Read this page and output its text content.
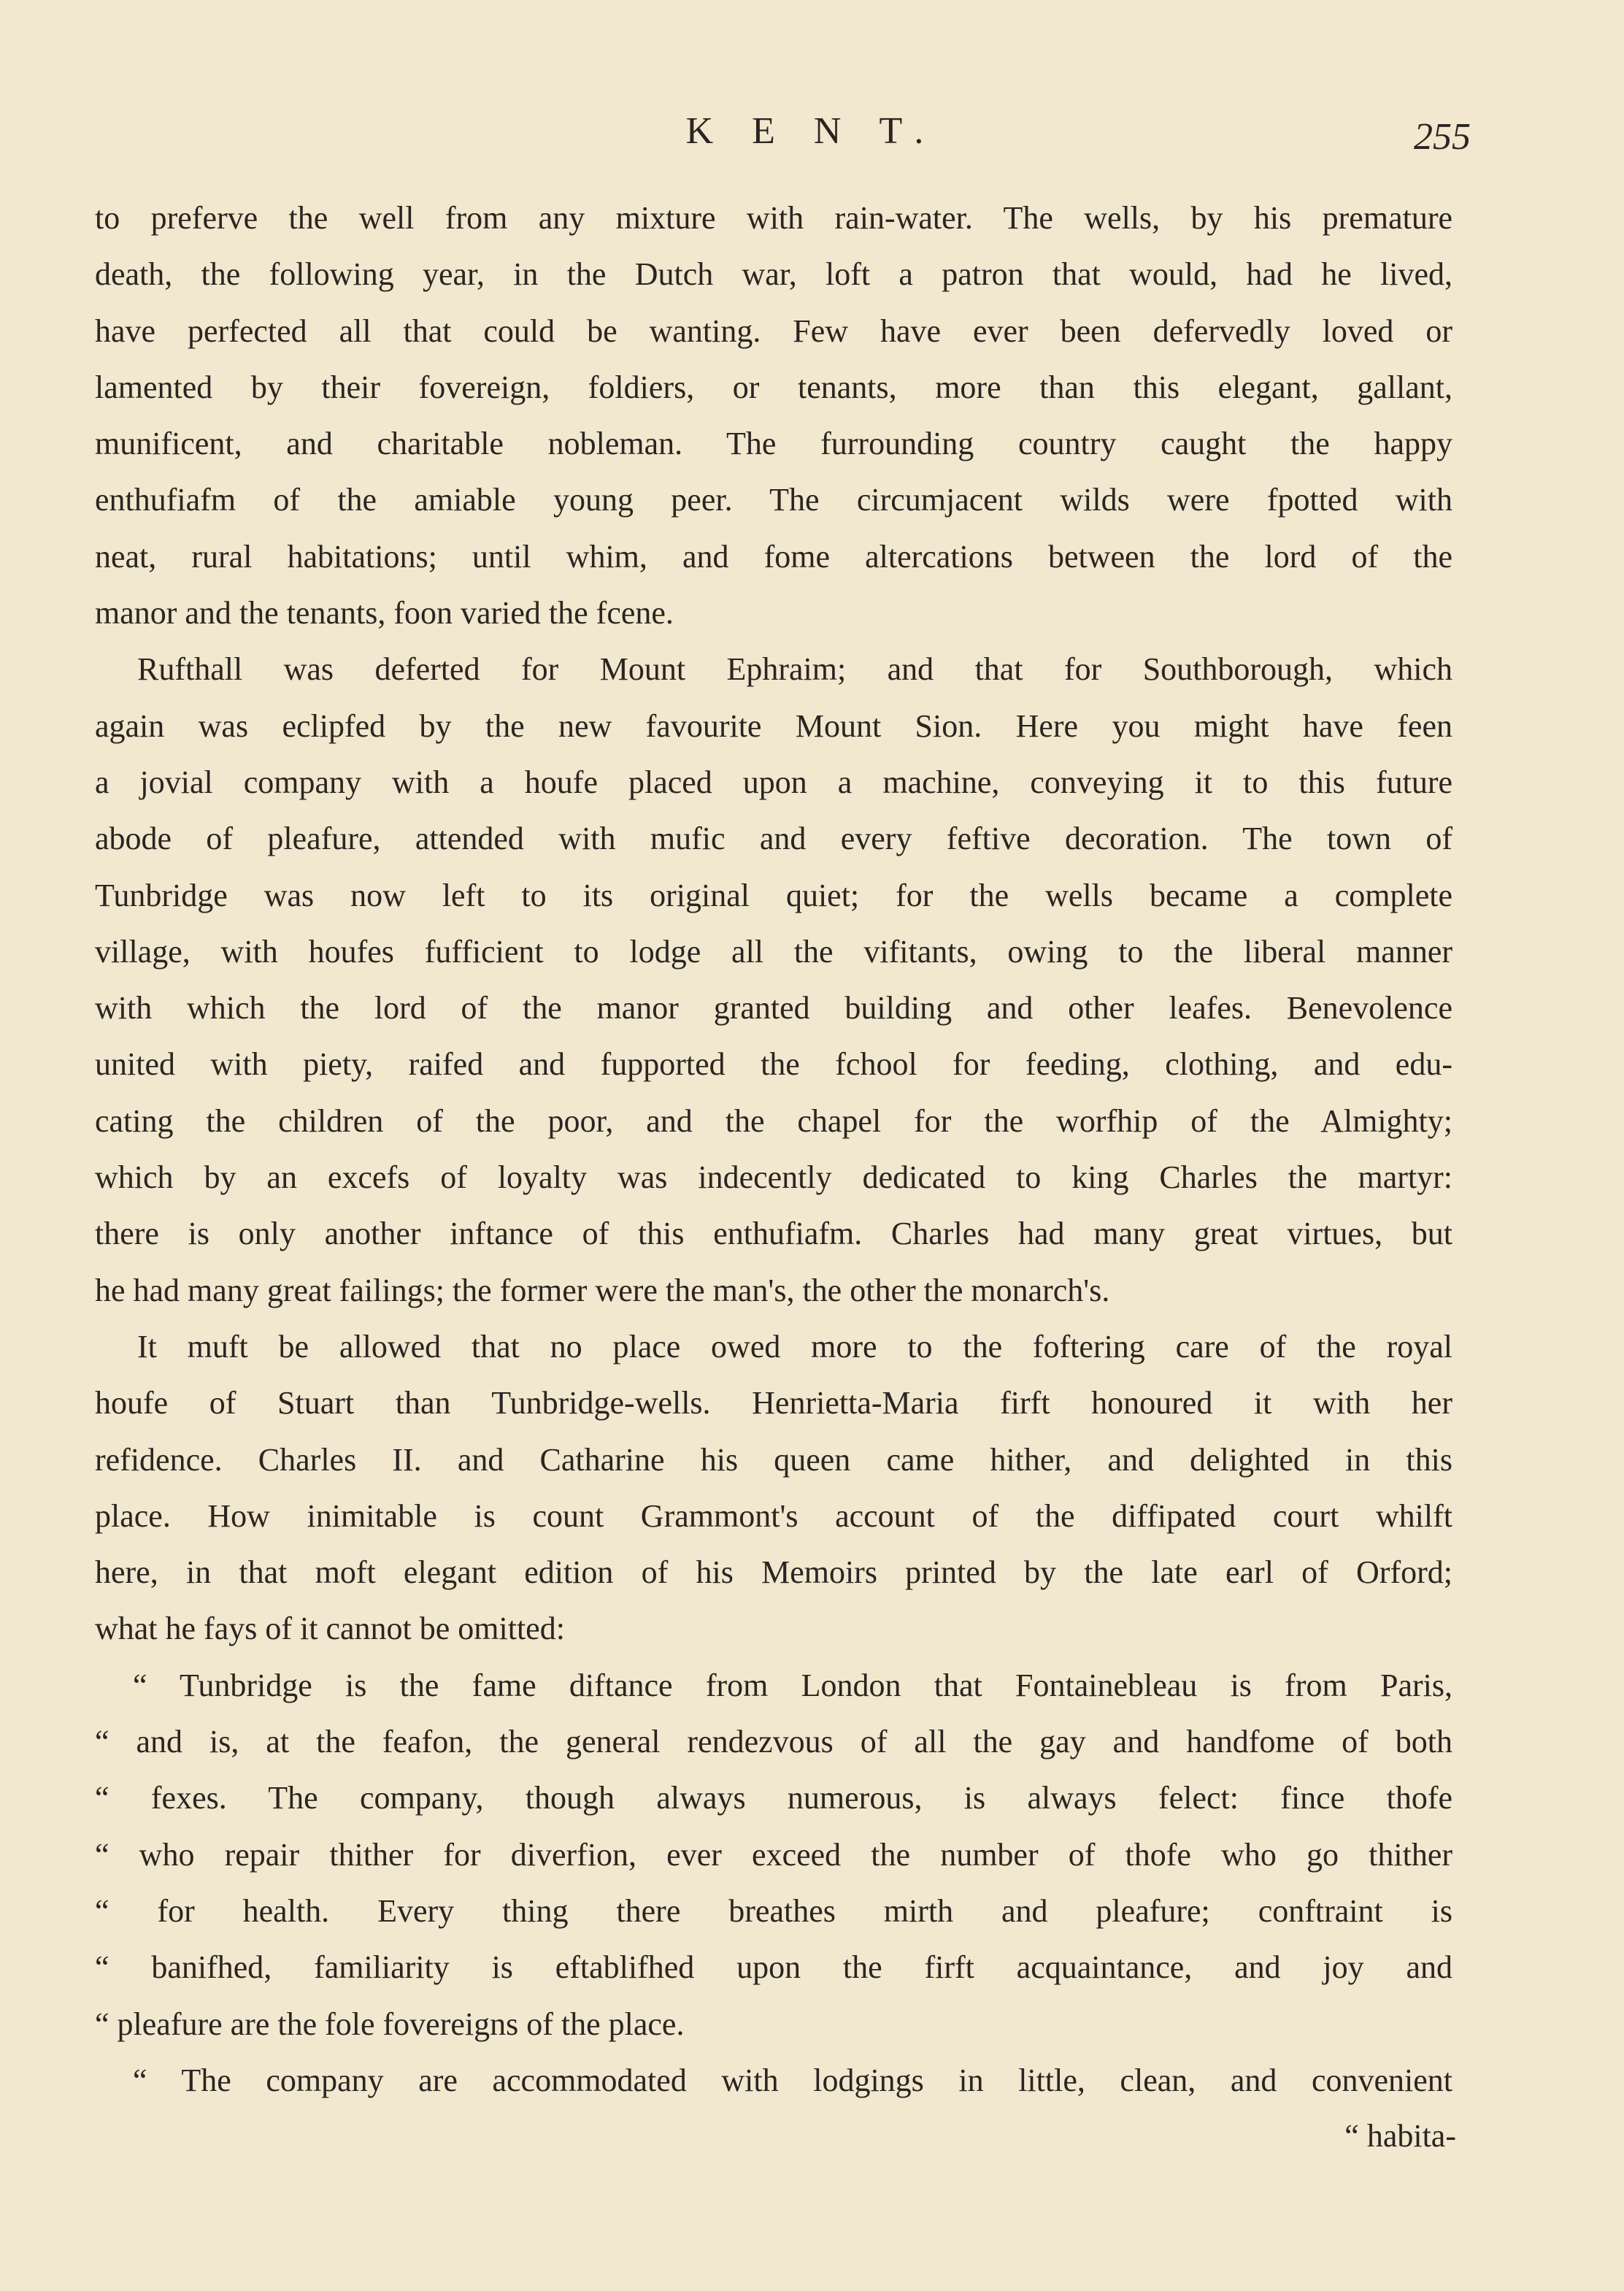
K E N T.	255
to preferve the well from any mixture with rain-water. The wells, by his premature
death, the following year, in the Dutch war, loft a patron that would, had he lived,
have perfected all that could be wanting. Few have ever been defervedly loved or
lamented by their fovereign, foldiers, or tenants, more than this elegant, gallant,
munificent, and charitable nobleman. The furrounding country caught the happy
enthufiafm of the amiable young peer. The circumjacent wilds were fpotted with
neat, rural habitations; until whim, and fome altercations between the lord of the
manor and the tenants, foon varied the fcene.
Rufthall was deferted for Mount Ephraim; and that for Southborough, which
again was eclipfed by the new favourite Mount Sion. Here you might have feen
a jovial company with a houfe placed upon a machine, conveying it to this future
abode of pleafure, attended with mufic and every feftive decoration. The town of
Tunbridge was now left to its original quiet; for the wells became a complete
village, with houfes fufficient to lodge all the vifitants, owing to the liberal manner
with which the lord of the manor granted building and other leafes. Benevolence
united with piety, raifed and fupported the fchool for feeding, clothing, and edu-
cating the children of the poor, and the chapel for the worfhip of the Almighty;
which by an excefs of loyalty was indecently dedicated to king Charles the martyr:
there is only another inftance of this enthufiafm. Charles had many great virtues, but
he had many great failings; the former were the man's, the other the monarch's.
It muft be allowed that no place owed more to the foftering care of the royal
houfe of Stuart than Tunbridge-wells. Henrietta-Maria firft honoured it with her
refidence. Charles II. and Catharine his queen came hither, and delighted in this
place. How inimitable is count Grammont's account of the diffipated court whilft
here, in that moft elegant edition of his Memoirs printed by the late earl of Orford;
what he fays of it cannot be omitted:
“ Tunbridge is the fame diftance from London that Fontainebleau is from Paris,
“ and is, at the feafon, the general rendezvous of all the gay and handfome of both
“ fexes. The company, though always numerous, is always felect: fince thofe
“ who repair thither for diverfion, ever exceed the number of thofe who go thither
“ for health. Every thing there breathes mirth and pleafure; conftraint is
“ banifhed, familiarity is eftablifhed upon the firft acquaintance, and joy and
“ pleafure are the fole fovereigns of the place.
“ The company are accommodated with lodgings in little, clean, and convenient
“ habita-
